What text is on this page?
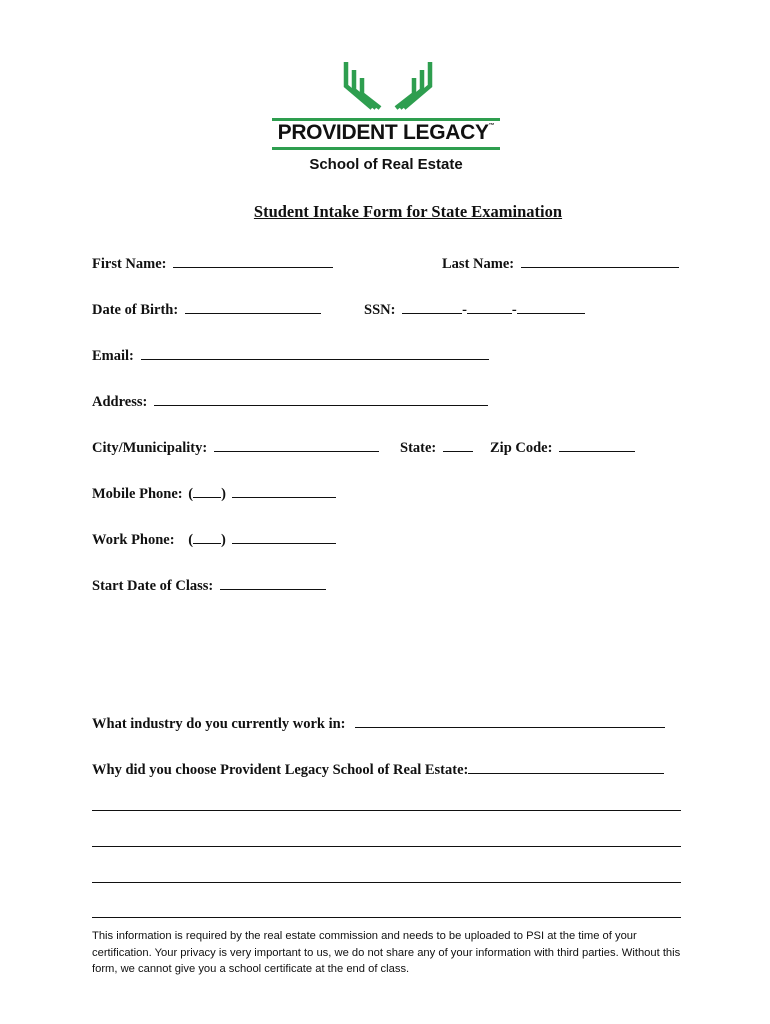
PROVIDENT LEGACY™
School of Real Estate
Student Intake Form for State Examination
First Name:	Last Name:
Date of Birth:	SSN:	-	-
Email:
Address:
City/Municipality:	State:	Zip Code:
Mobile Phone: ( )
Work Phone: ( )
Start Date of Class:
What industry do you currently work in:
Why did you choose Provident Legacy School of Real Estate:
This information is required by the real estate commission and needs to be uploaded to PSI at the time of your certification. Your privacy is very important to us, we do not share any of your information with third parties. Without this form, we cannot give you a school certificate at the end of class.
